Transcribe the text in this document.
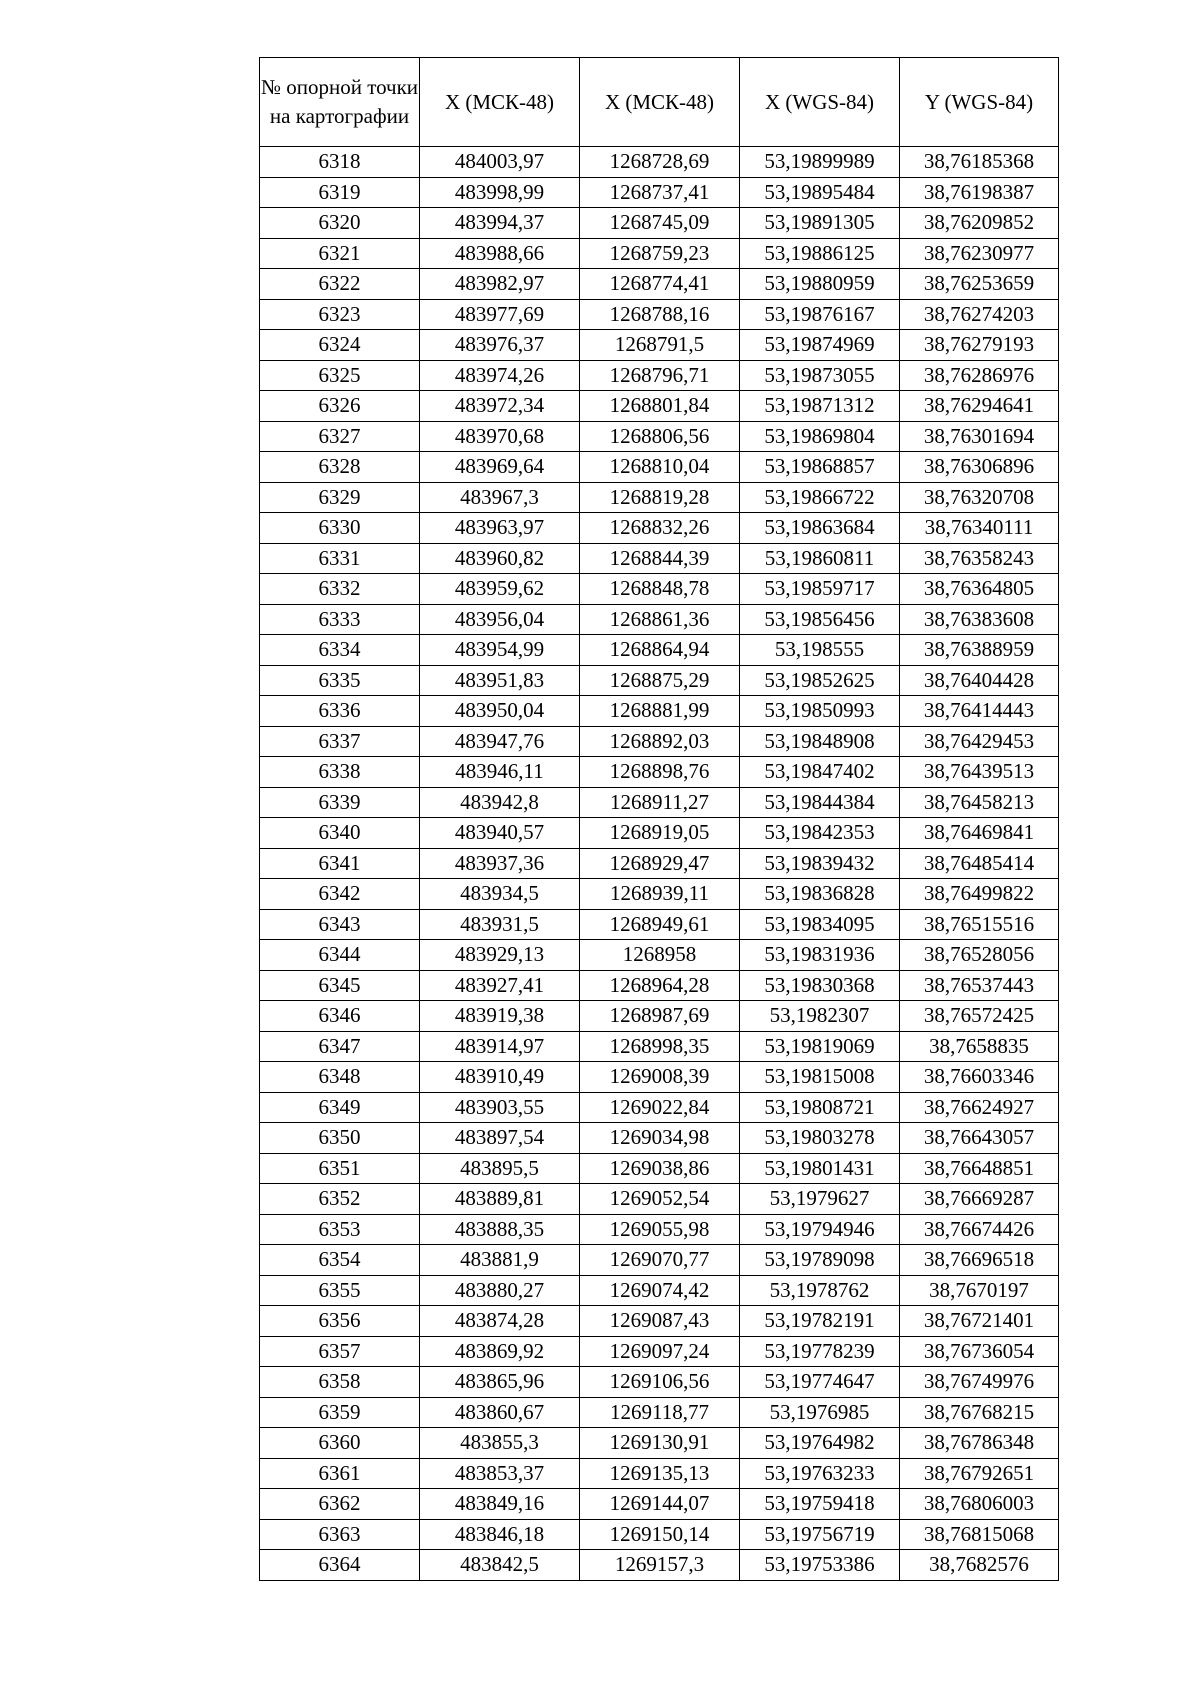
№ опорной точки на картографии	X (МСК-48)	X (МСК-48)	X (WGS-84)	Y (WGS-84)
6318	484003,97	1268728,69	53,19899989	38,76185368
6319	483998,99	1268737,41	53,19895484	38,76198387
6320	483994,37	1268745,09	53,19891305	38,76209852
6321	483988,66	1268759,23	53,19886125	38,76230977
6322	483982,97	1268774,41	53,19880959	38,76253659
6323	483977,69	1268788,16	53,19876167	38,76274203
6324	483976,37	1268791,5	53,19874969	38,76279193
6325	483974,26	1268796,71	53,19873055	38,76286976
6326	483972,34	1268801,84	53,19871312	38,76294641
6327	483970,68	1268806,56	53,19869804	38,76301694
6328	483969,64	1268810,04	53,19868857	38,76306896
6329	483967,3	1268819,28	53,19866722	38,76320708
6330	483963,97	1268832,26	53,19863684	38,76340111
6331	483960,82	1268844,39	53,19860811	38,76358243
6332	483959,62	1268848,78	53,19859717	38,76364805
6333	483956,04	1268861,36	53,19856456	38,76383608
6334	483954,99	1268864,94	53,198555	38,76388959
6335	483951,83	1268875,29	53,19852625	38,76404428
6336	483950,04	1268881,99	53,19850993	38,76414443
6337	483947,76	1268892,03	53,19848908	38,76429453
6338	483946,11	1268898,76	53,19847402	38,76439513
6339	483942,8	1268911,27	53,19844384	38,76458213
6340	483940,57	1268919,05	53,19842353	38,76469841
6341	483937,36	1268929,47	53,19839432	38,76485414
6342	483934,5	1268939,11	53,19836828	38,76499822
6343	483931,5	1268949,61	53,19834095	38,76515516
6344	483929,13	1268958	53,19831936	38,76528056
6345	483927,41	1268964,28	53,19830368	38,76537443
6346	483919,38	1268987,69	53,1982307	38,76572425
6347	483914,97	1268998,35	53,19819069	38,7658835
6348	483910,49	1269008,39	53,19815008	38,76603346
6349	483903,55	1269022,84	53,19808721	38,76624927
6350	483897,54	1269034,98	53,19803278	38,76643057
6351	483895,5	1269038,86	53,19801431	38,76648851
6352	483889,81	1269052,54	53,1979627	38,76669287
6353	483888,35	1269055,98	53,19794946	38,76674426
6354	483881,9	1269070,77	53,19789098	38,76696518
6355	483880,27	1269074,42	53,1978762	38,7670197
6356	483874,28	1269087,43	53,19782191	38,76721401
6357	483869,92	1269097,24	53,19778239	38,76736054
6358	483865,96	1269106,56	53,19774647	38,76749976
6359	483860,67	1269118,77	53,1976985	38,76768215
6360	483855,3	1269130,91	53,19764982	38,76786348
6361	483853,37	1269135,13	53,19763233	38,76792651
6362	483849,16	1269144,07	53,19759418	38,76806003
6363	483846,18	1269150,14	53,19756719	38,76815068
6364	483842,5	1269157,3	53,19753386	38,7682576
